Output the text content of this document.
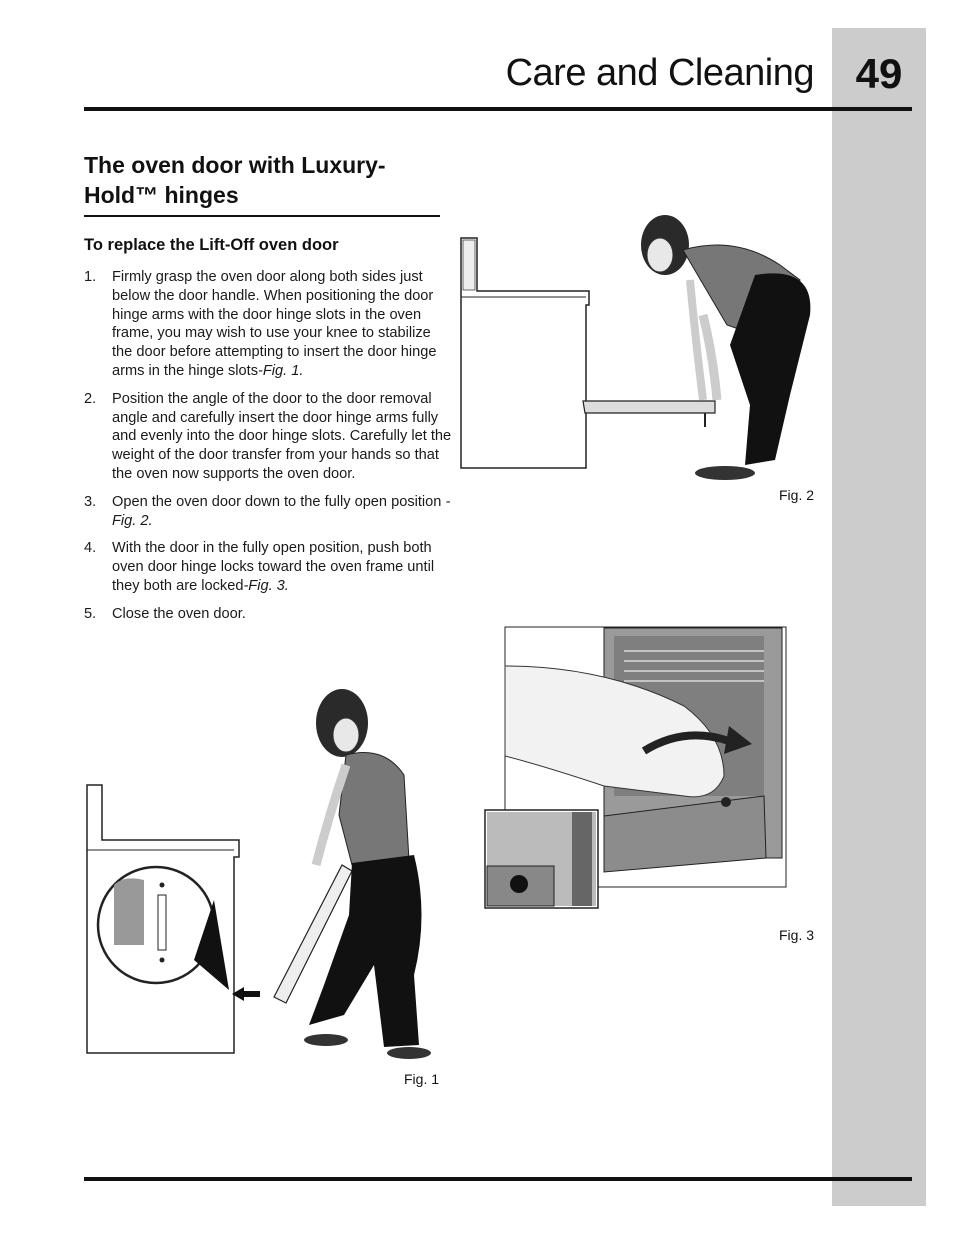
49
Care and Cleaning
The oven door with Luxury-Hold™ hinges
To replace the Lift-Off oven door
1. Firmly grasp the oven door along both sides just below the door handle. When positioning the door hinge arms with the door hinge slots in the oven frame, you may wish to use your knee to stabilize the door before attempting to insert the door hinge arms in the hinge slots-Fig. 1.
2. Position the angle of the door to the door removal angle and carefully insert the door hinge arms fully and evenly into the door hinge slots. Carefully let the weight of the door transfer from your hands so that the oven now supports the oven door.
3. Open the oven door down to the fully open position -Fig. 2.
4. With the door in the fully open position, push both oven door hinge locks toward the oven frame until they both are locked-Fig. 3.
5. Close the oven door.
Fig. 2
Fig. 3
Fig. 1
